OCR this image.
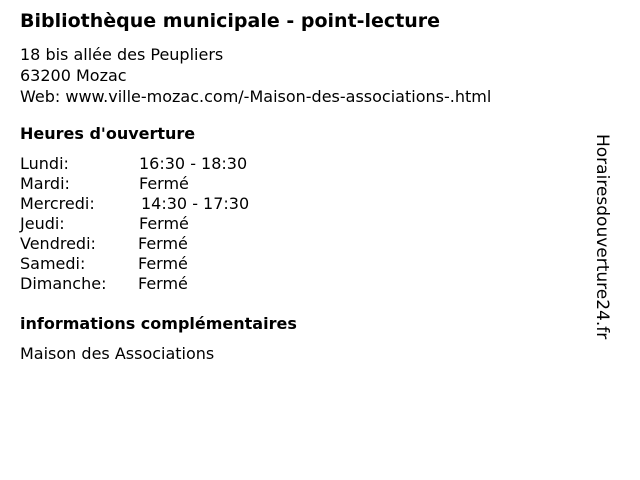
Bibliothèque municipale - point-lecture
18 bis allée des Peupliers
63200 Mozac
Web: www.ville-mozac.com/-Maison-des-associations-.html
Heures d'ouverture
Lundi:	16:30 - 18:30
Mardi:	Fermé
Mercredi:	14:30 - 17:30
Jeudi:	Fermé
Vendredi:	Fermé
Samedi:	Fermé
Dimanche: Fermé
informations complémentaires
Maison des Associations
Horairesdouverture24.fr
